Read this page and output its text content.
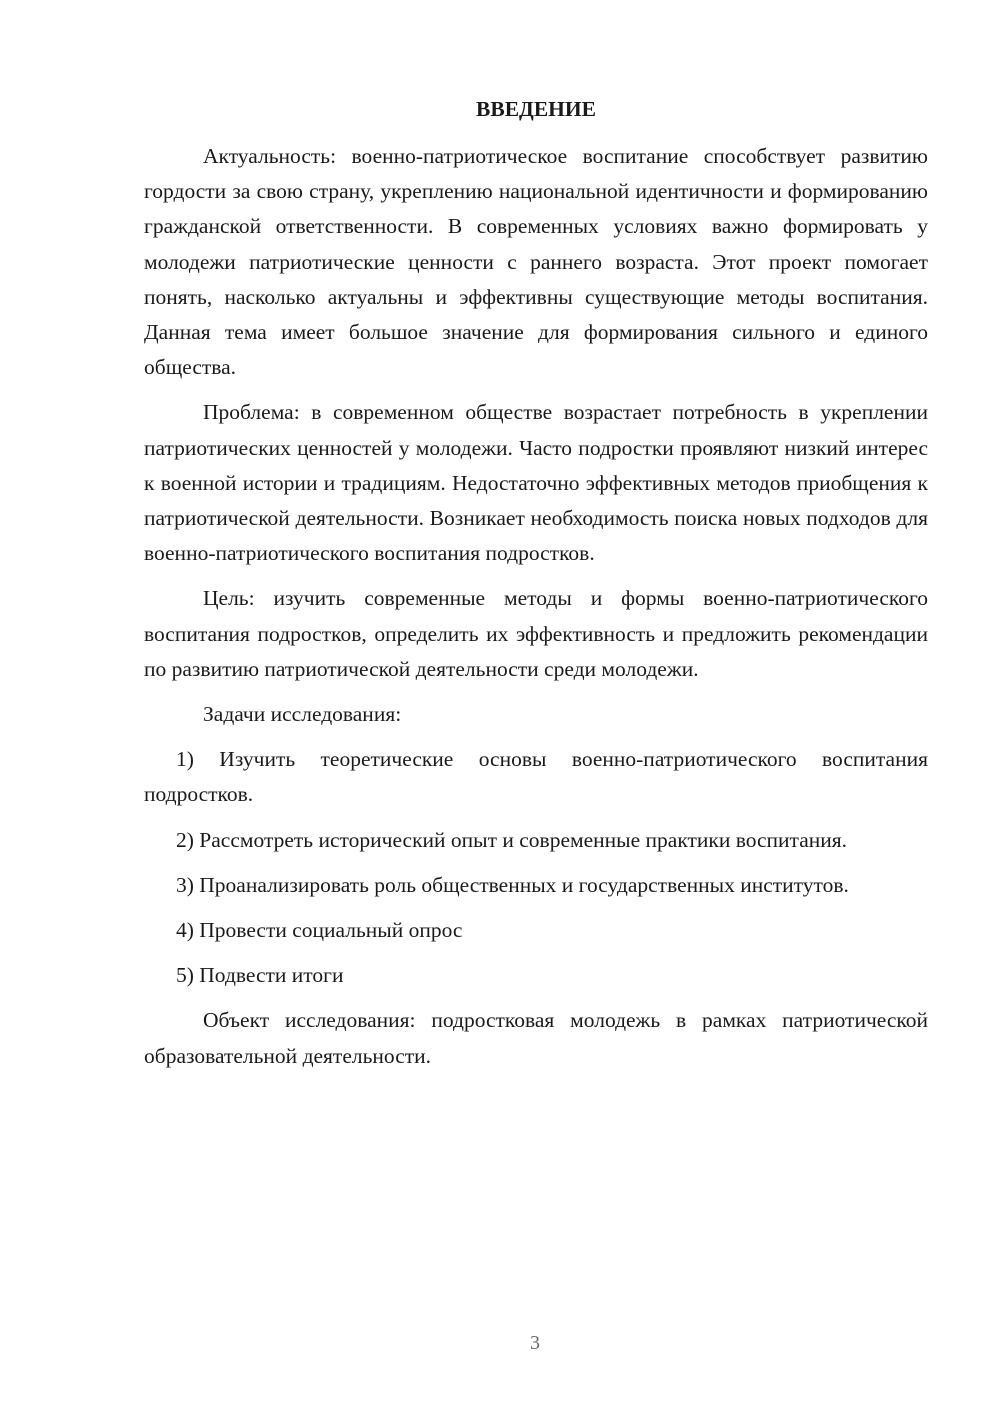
ВВЕДЕНИЕ

Актуальность: военно-патриотическое воспитание способствует развитию гордости за свою страну, укреплению национальной идентичности и формированию гражданской ответственности. В современных условиях важно формировать у молодежи патриотические ценности с раннего возраста. Этот проект помогает понять, насколько актуальны и эффективны существующие методы воспитания. Данная тема имеет большое значение для формирования сильного и единого общества.

Проблема: в современном обществе возрастает потребность в укреплении патриотических ценностей у молодежи. Часто подростки проявляют низкий интерес к военной истории и традициям. Недостаточно эффективных методов приобщения к патриотической деятельности. Возникает необходимость поиска новых подходов для военно-патриотического воспитания подростков.

Цель: изучить современные методы и формы военно-патриотического воспитания подростков, определить их эффективность и предложить рекомендации по развитию патриотической деятельности среди молодежи.

Задачи исследования:

1) Изучить теоретические основы военно-патриотического воспитания подростков.

2) Рассмотреть исторический опыт и современные практики воспитания.

3) Проанализировать роль общественных и государственных институтов.

4) Провести социальный опрос

5) Подвести итоги

Объект исследования: подростковая молодежь в рамках патриотической образовательной деятельности.

3
